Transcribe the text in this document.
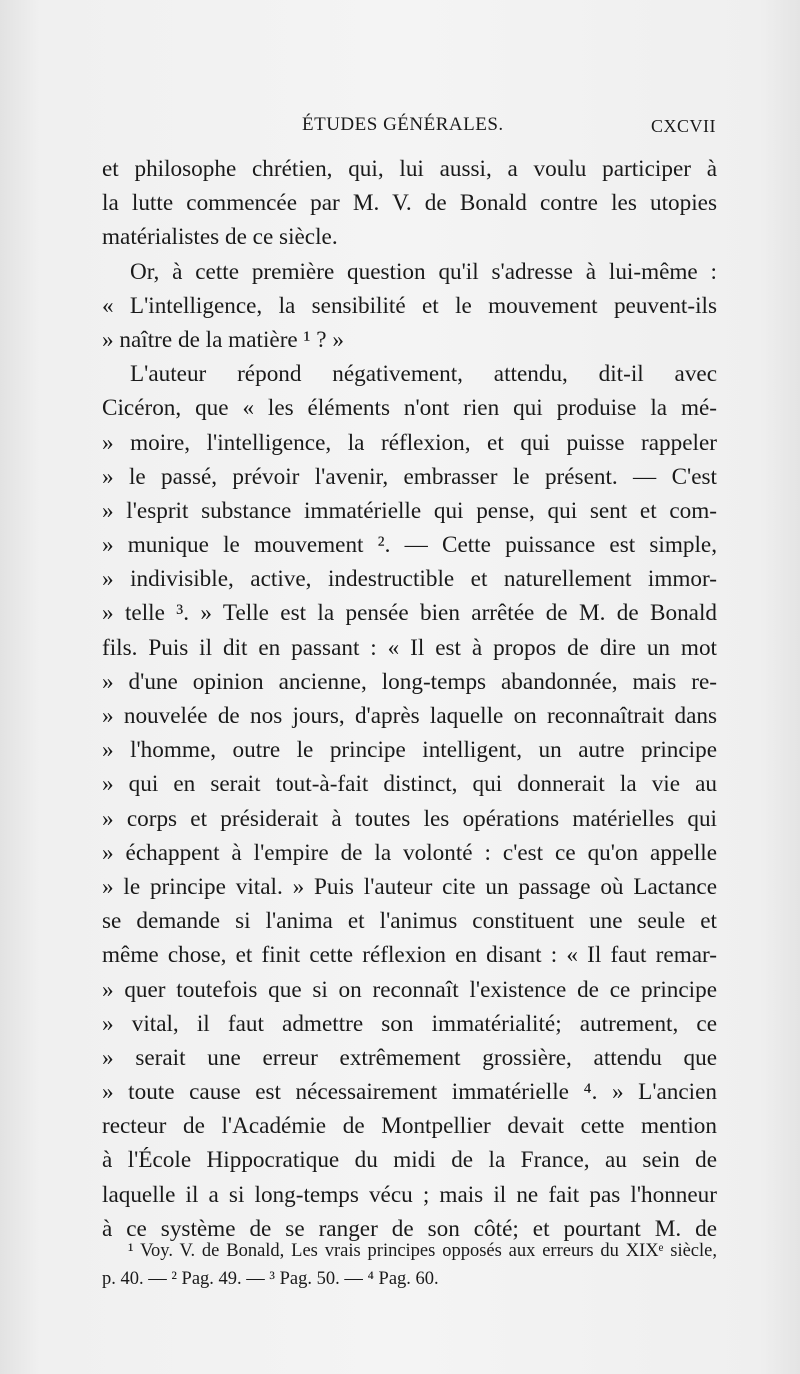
ÉTUDES GÉNÉRALES.	CXCVII
et philosophe chrétien, qui, lui aussi, a voulu participer à
la lutte commencée par M. V. de Bonald contre les utopies
matérialistes de ce siècle.
Or, à cette première question qu'il s'adresse à lui-même :
« L'intelligence, la sensibilité et le mouvement peuvent-ils
» naître de la matière ¹ ? »
L'auteur répond négativement, attendu, dit-il avec
Cicéron, que « les éléments n'ont rien qui produise la mé-
» moire, l'intelligence, la réflexion, et qui puisse rappeler
» le passé, prévoir l'avenir, embrasser le présent. — C'est
» l'esprit substance immatérielle qui pense, qui sent et com-
» munique le mouvement ². — Cette puissance est simple,
» indivisible, active, indestructible et naturellement immor-
» telle ³. » Telle est la pensée bien arrêtée de M. de Bonald
fils. Puis il dit en passant : « Il est à propos de dire un mot
» d'une opinion ancienne, long-temps abandonnée, mais re-
» nouvelée de nos jours, d'après laquelle on reconnaîtrait dans
» l'homme, outre le principe intelligent, un autre principe
» qui en serait tout-à-fait distinct, qui donnerait la vie au
» corps et présiderait à toutes les opérations matérielles qui
» échappent à l'empire de la volonté : c'est ce qu'on appelle
» le principe vital. » Puis l'auteur cite un passage où Lactance
se demande si l'anima et l'animus constituent une seule et
même chose, et finit cette réflexion en disant : « Il faut remar-
» quer toutefois que si on reconnaît l'existence de ce principe
» vital, il faut admettre son immatérialité; autrement, ce
» serait une erreur extrêmement grossière, attendu que
» toute cause est nécessairement immatérielle ⁴. » L'ancien
recteur de l'Académie de Montpellier devait cette mention
à l'École Hippocratique du midi de la France, au sein de
laquelle il a si long-temps vécu ; mais il ne fait pas l'honneur
à ce système de se ranger de son côté; et pourtant M. de
¹ Voy. V. de Bonald, Les vrais principes opposés aux erreurs du XIXᵉ siècle,
p. 40. — ² Pag. 49. — ³ Pag. 50. — ⁴ Pag. 60.
